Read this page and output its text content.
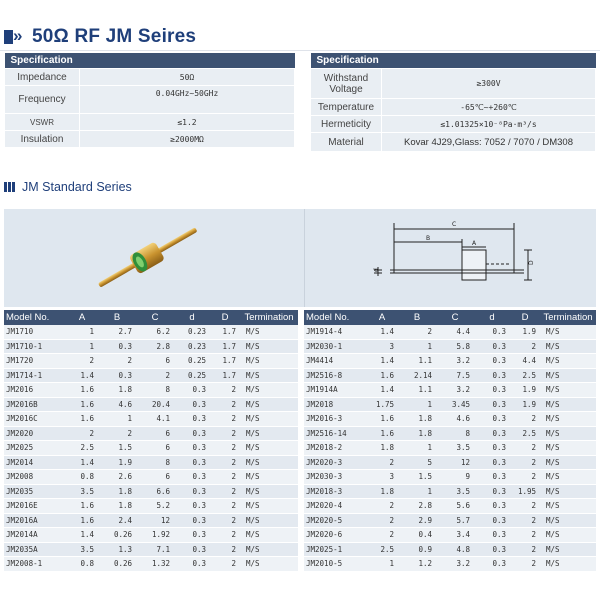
» 50Ω RF JM Seires
Specification	
Impedance	50Ω
Frequency	0.04GHz~50GHz
VSWR	≤1.2
Insulation	≥2000MΩ
Specification	
Withstand Voltage	≥300V
Temperature	-65℃~+260℃
Hermeticity	≤1.01325×10⁻⁸Pa·m³/s
Material	Kovar 4J29,Glass: 7052 / 7070 / DM308
JM Standard Series
C
B
A
d
D
Model No.	A	B	C	d	D	Termination
JM1710	1	2.7	6.2	0.23	1.7	M/S
JM1710-1	1	0.3	2.8	0.23	1.7	M/S
JM1720	2	2	6	0.25	1.7	M/S
JM1714-1	1.4	0.3	2	0.25	1.7	M/S
JM2016	1.6	1.8	8	0.3	2	M/S
JM2016B	1.6	4.6	20.4	0.3	2	M/S
JM2016C	1.6	1	4.1	0.3	2	M/S
JM2020	2	2	6	0.3	2	M/S
JM2025	2.5	1.5	6	0.3	2	M/S
JM2014	1.4	1.9	8	0.3	2	M/S
JM2008	0.8	2.6	6	0.3	2	M/S
JM2035	3.5	1.8	6.6	0.3	2	M/S
JM2016E	1.6	1.8	5.2	0.3	2	M/S
JM2016A	1.6	2.4	12	0.3	2	M/S
JM2014A	1.4	0.26	1.92	0.3	2	M/S
JM2035A	3.5	1.3	7.1	0.3	2	M/S
JM2008-1	0.8	0.26	1.32	0.3	2	M/S
Model No.	A	B	C	d	D	Termination
JM1914-4	1.4	2	4.4	0.3	1.9	M/S
JM2030-1	3	1	5.8	0.3	2	M/S
JM4414	1.4	1.1	3.2	0.3	4.4	M/S
JM2516-8	1.6	2.14	7.5	0.3	2.5	M/S
JM1914A	1.4	1.1	3.2	0.3	1.9	M/S
JM2018	1.75	1	3.45	0.3	1.9	M/S
JM2016-3	1.6	1.8	4.6	0.3	2	M/S
JM2516-14	1.6	1.8	8	0.3	2.5	M/S
JM2018-2	1.8	1	3.5	0.3	2	M/S
JM2020-3	2	5	12	0.3	2	M/S
JM2030-3	3	1.5	9	0.3	2	M/S
JM2018-3	1.8	1	3.5	0.3	1.95	M/S
JM2020-4	2	2.8	5.6	0.3	2	M/S
JM2020-5	2	2.9	5.7	0.3	2	M/S
JM2020-6	2	0.4	3.4	0.3	2	M/S
JM2025-1	2.5	0.9	4.8	0.3	2	M/S
JM2010-5	1	1.2	3.2	0.3	2	M/S
